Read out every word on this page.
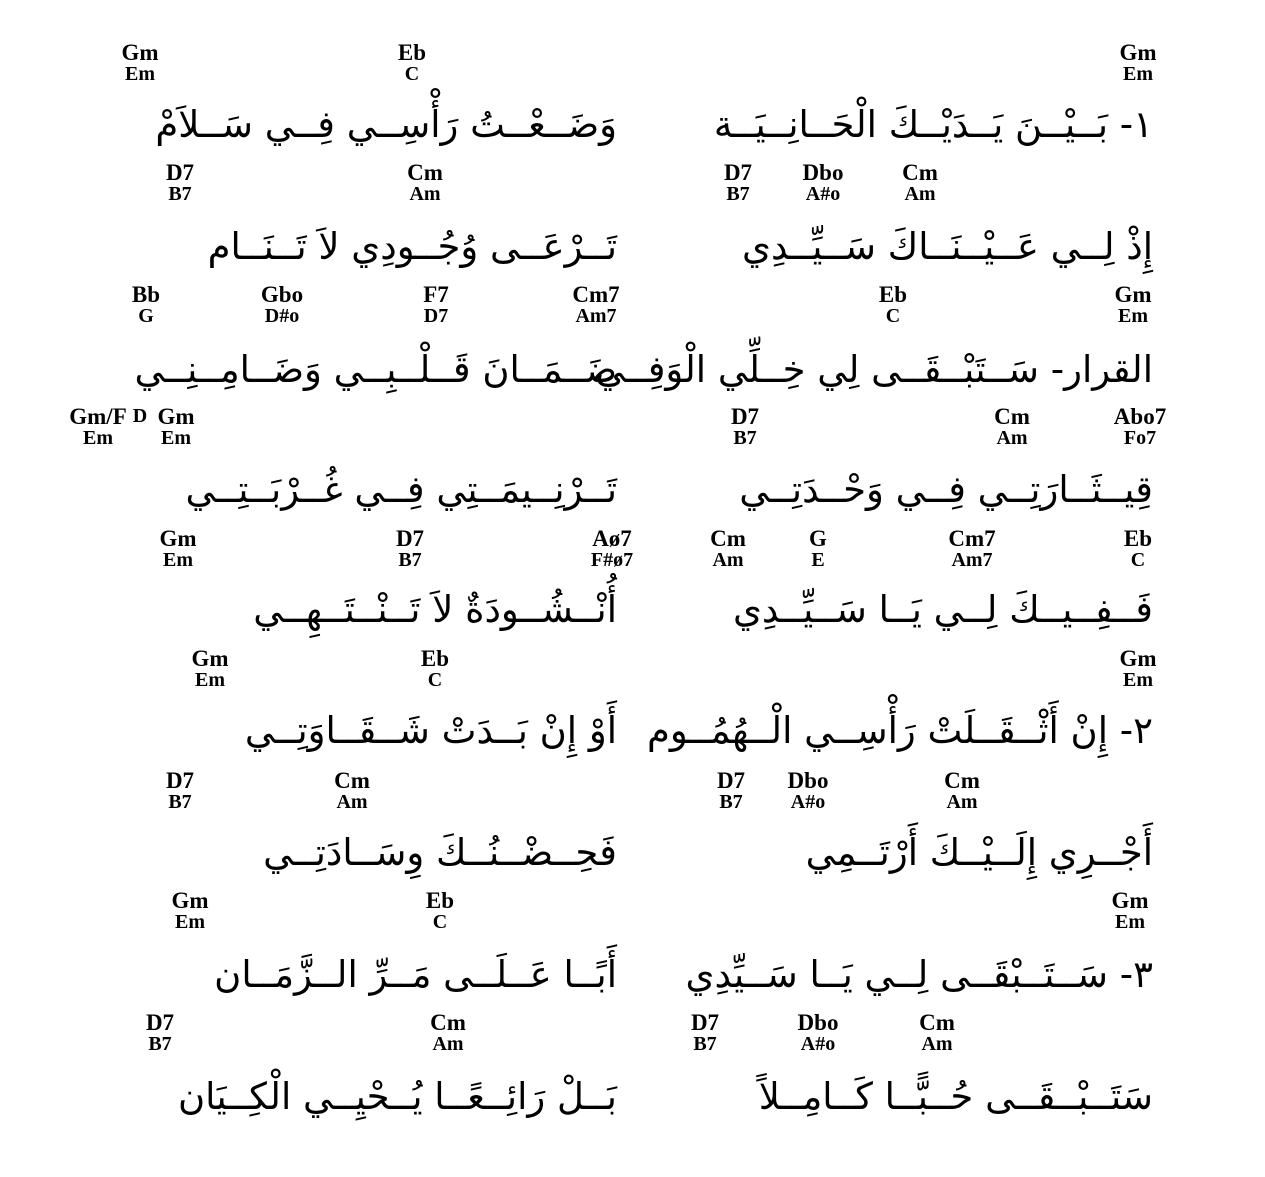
Gm
Em
Eb
C
Gm
Em
١- بَــيْــنَ يَــدَيْــكَ الْحَــانِــيَــة
وَضَــعْــتُ رَأْسِــي فِــي سَــلاَمْ
D7
B7
Cm
Am
D7
B7
Dbo
A#o
Cm
Am
إِذْ لِــي عَــيْــنَــاكَ سَــيِّــدِي
تَــرْعَــى وُجُــودِي لاَ تَــنَــام
Bb
G
Gbo
D#o
F7
D7
Cm7
Am7
Eb
C
Gm
Em
القرار- سَــتَبْــقَــى لِي خِــلِّي الْوَفِــي
ضَــمَــانَ قَــلْــبِــي وَضَــامِــنِــي
Gm/F
Em
D Gm
Em
D7
B7
Cm
Am
Abo7
Fo7
قِيــثَــارَتِــي فِــي وَحْــدَتِــي
تَــرْنِــيمَــتِي فِــي غُــرْبَــتِــي
Gm
Em
D7
B7
Aø7
F#ø7
Cm
Am
G
E
Cm7
Am7
Eb
C
فَــفِــيــكَ لِــي يَــا سَــيِّــدِي
أُنْــشُــودَةٌ لاَ تَــنْــتَــهِــي
Gm
Em
Eb
C
Gm
Em
٢- إِنْ أَثْــقَــلَتْ رَأْسِــي الْــهُمُــوم
أَوْ إِنْ بَــدَتْ شَــقَــاوَتِــي
D7
B7
Cm
Am
D7
B7
Dbo
A#o
Cm
Am
أَجْــرِي إِلَــيْــكَ أَرْتَــمِي
فَحِــضْــنُــكَ وِسَــادَتِــي
Gm
Em
Eb
C
Gm
Em
٣- سَــتَــبْقَــى لِــي يَــا سَــيِّدِي
أَبًــا عَــلَــى مَــرِّ الــزَّمَــان
D7
B7
Cm
Am
D7
B7
Dbo
A#o
Cm
Am
سَتَــبْــقَــى حُــبًّــا كَــامِــلاً
بَــلْ رَائِــعًــا يُــحْيِــي الْكِــيَان
